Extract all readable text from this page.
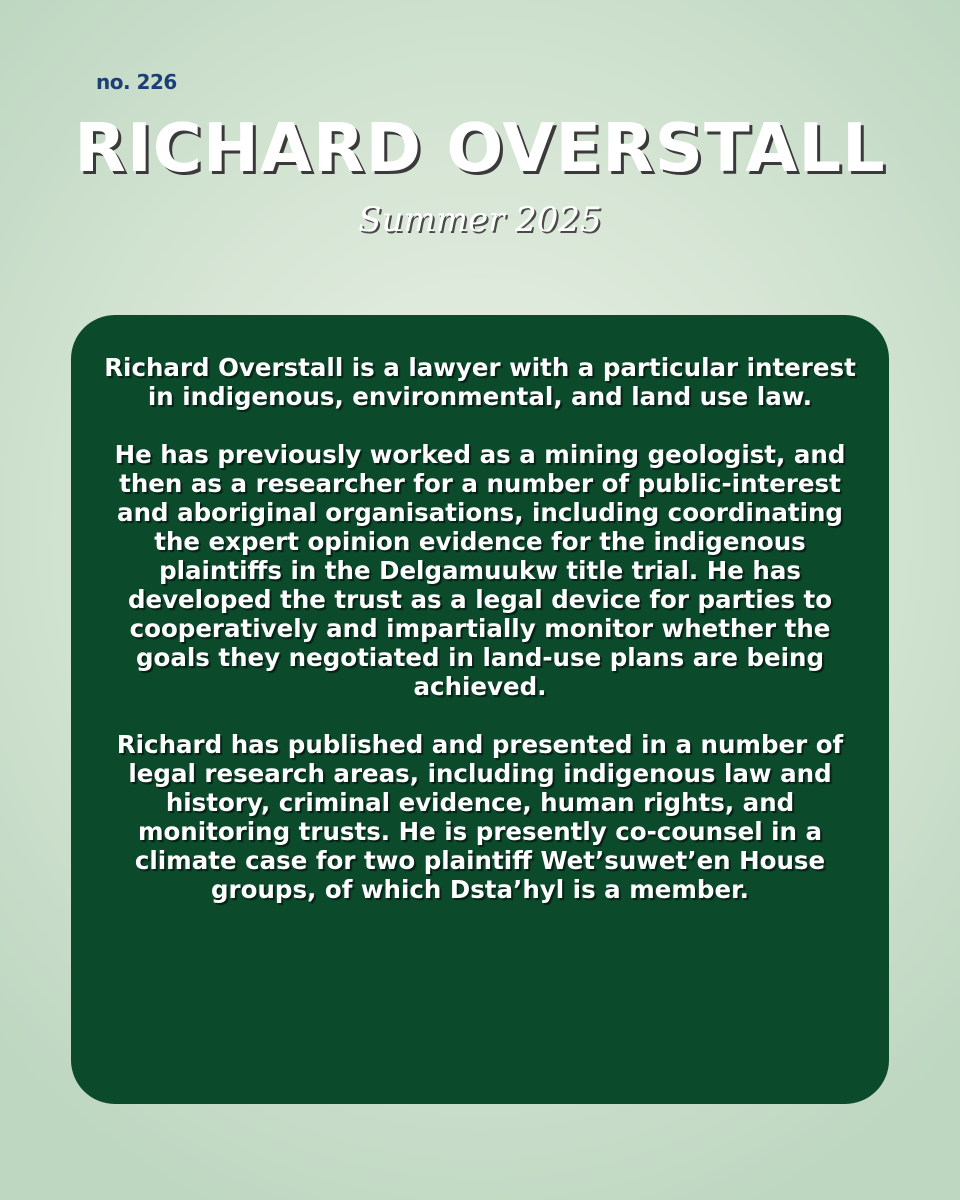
no. 226
RICHARD OVERSTALL
Summer 2025

Richard Overstall is a lawyer with a particular interest in indigenous, environmental, and land use law.

He has previously worked as a mining geologist, and then as a researcher for a number of public-interest and aboriginal organisations, including coordinating the expert opinion evidence for the indigenous plaintiffs in the Delgamuukw title trial. He has developed the trust as a legal device for parties to cooperatively and impartially monitor whether the goals they negotiated in land-use plans are being achieved.

Richard has published and presented in a number of legal research areas, including indigenous law and history, criminal evidence, human rights, and monitoring trusts. He is presently co-counsel in a climate case for two plaintiff Wet’suwet’en House groups, of which Dsta’hyl is a member.
